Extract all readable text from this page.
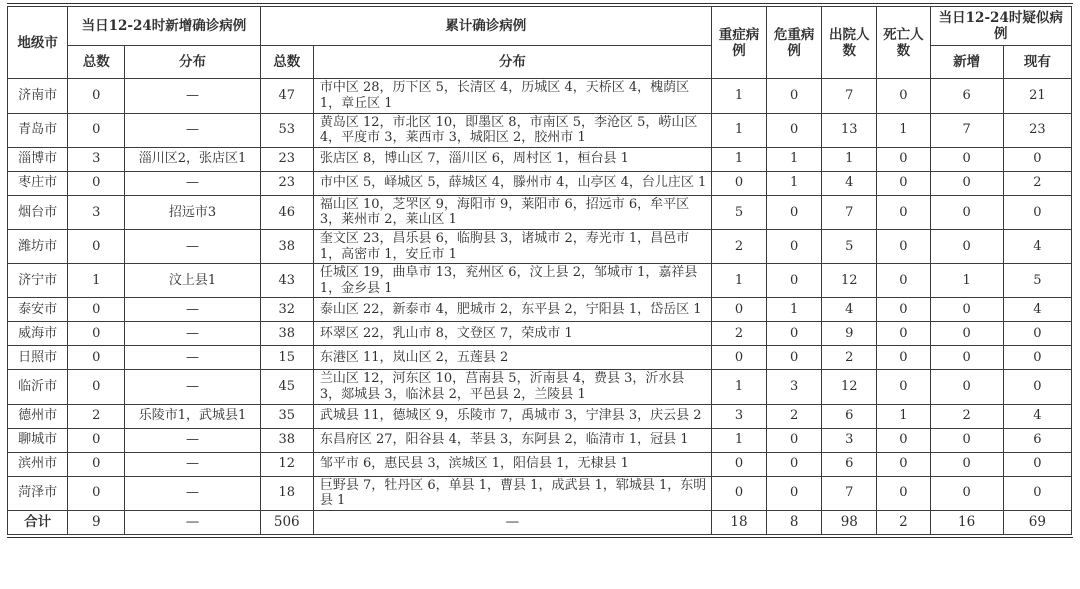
地级市	当日12-24时新增确诊病例		累计确诊病例		重症病例	危重病例	出院人数	死亡人数	当日12-24时疑似病例	
	总数	分布	总数	分布					新增	现有
济南市	0	—	47	市中区 28，历下区 5，长清区 4，历城区 4，天桥区 4，槐荫区 1，章丘区 1	1	0	7	0	6	21
青岛市	0	—	53	黄岛区 12，市北区 10，即墨区 8，市南区 5，李沧区 5，崂山区 4，平度市 3，莱西市 3，城阳区 2，胶州市 1	1	0	13	1	7	23
淄博市	3	淄川区2，张店区1	23	张店区 8，博山区 7，淄川区 6，周村区 1，桓台县 1	1	1	1	0	0	0
枣庄市	0	—	23	市中区 5，峄城区 5，薛城区 4，滕州市 4，山亭区 4，台儿庄区 1	0	1	4	0	0	2
烟台市	3	招远市3	46	福山区 10，芝罘区 9，海阳市 9，莱阳市 6，招远市 6，牟平区 3，莱州市 2，莱山区 1	5	0	7	0	0	0
潍坊市	0	—	38	奎文区 23，昌乐县 6，临朐县 3，诸城市 2，寿光市 1，昌邑市 1，高密市 1，安丘市 1	2	0	5	0	0	4
济宁市	1	汶上县1	43	任城区 19，曲阜市 13，兖州区 6，汶上县 2，邹城市 1，嘉祥县 1，金乡县 1	1	0	12	0	1	5
泰安市	0	—	32	泰山区 22，新泰市 4，肥城市 2，东平县 2，宁阳县 1，岱岳区 1	0	1	4	0	0	4
威海市	0	—	38	环翠区 22，乳山市 8，文登区 7，荣成市 1	2	0	9	0	0	0
日照市	0	—	15	东港区 11，岚山区 2，五莲县 2	0	0	2	0	0	0
临沂市	0	—	45	兰山区 12，河东区 10，莒南县 5，沂南县 4，费县 3，沂水县 3，郯城县 3，临沭县 2，平邑县 2，兰陵县 1	1	3	12	0	0	0
德州市	2	乐陵市1，武城县1	35	武城县 11，德城区 9，乐陵市 7，禹城市 3，宁津县 3，庆云县 2	3	2	6	1	2	4
聊城市	0	—	38	东昌府区 27，阳谷县 4，莘县 3，东阿县 2，临清市 1，冠县 1	1	0	3	0	0	6
滨州市	0	—	12	邹平市 6，惠民县 3，滨城区 1，阳信县 1，无棣县 1	0	0	6	0	0	0
菏泽市	0	—	18	巨野县 7，牡丹区 6，单县 1，曹县 1，成武县 1，郓城县 1，东明县 1	0	0	7	0	0	0
合计	9	—	506	—	18	8	98	2	16	69
